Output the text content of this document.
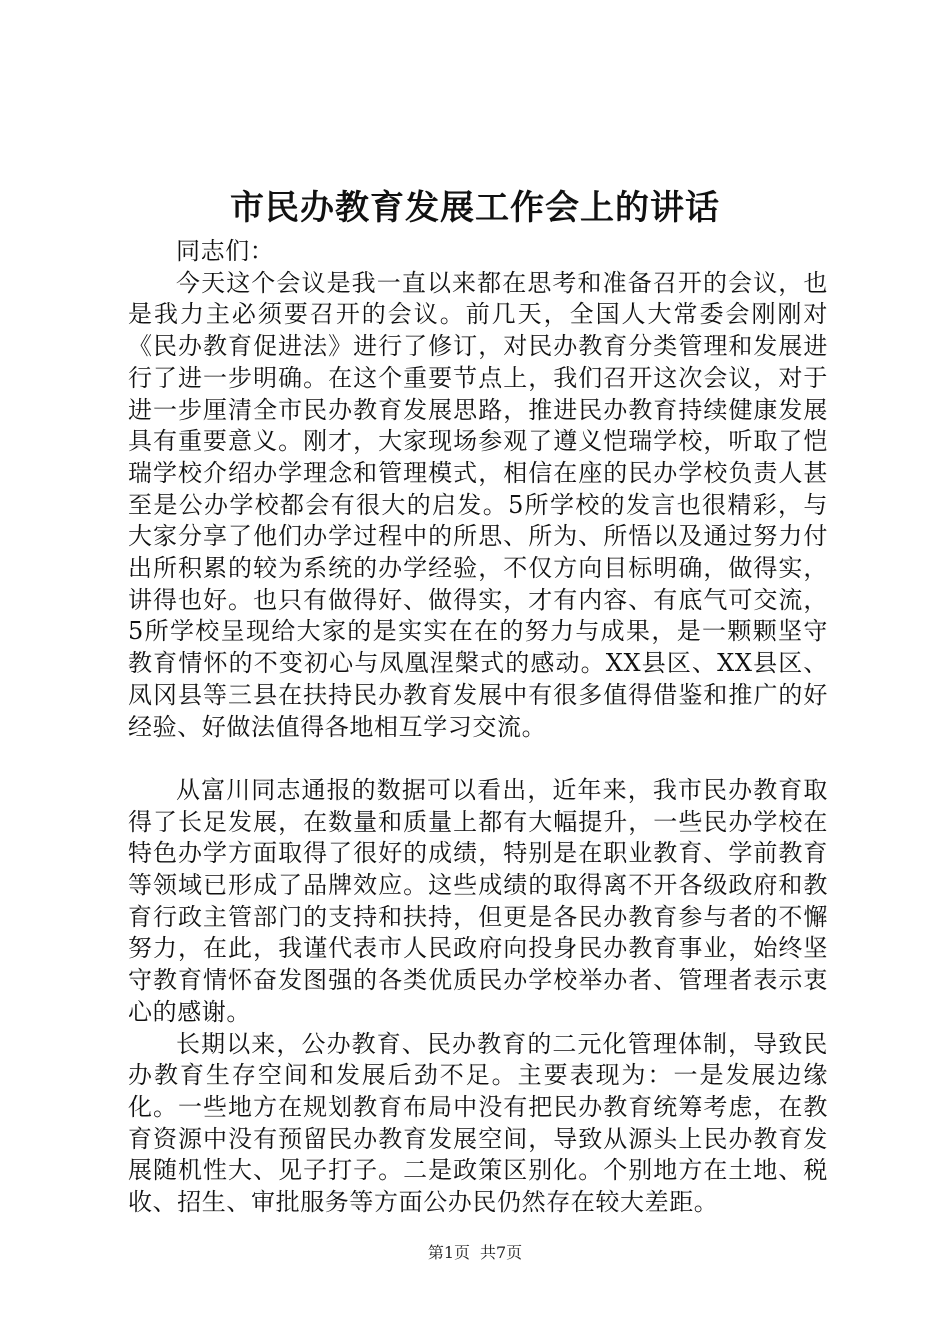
市民办教育发展工作会上的讲话

同志们：

今天这个会议是我一直以来都在思考和准备召开的会议，也是我力主必须要召开的会议。前几天，全国人大常委会刚刚对《民办教育促进法》进行了修订，对民办教育分类管理和发展进行了进一步明确。在这个重要节点上，我们召开这次会议，对于进一步厘清全市民办教育发展思路，推进民办教育持续健康发展具有重要意义。刚才，大家现场参观了遵义恺瑞学校，听取了恺瑞学校介绍办学理念和管理模式，相信在座的民办学校负责人甚至是公办学校都会有很大的启发。5所学校的发言也很精彩，与大家分享了他们办学过程中的所思、所为、所悟以及通过努力付出所积累的较为系统的办学经验，不仅方向目标明确，做得实，讲得也好。也只有做得好、做得实，才有内容、有底气可交流，5所学校呈现给大家的是实实在在的努力与成果，是一颗颗坚守教育情怀的不变初心与凤凰涅槃式的感动。XX县区、XX县区、凤冈县等三县在扶持民办教育发展中有很多值得借鉴和推广的好经验、好做法值得各地相互学习交流。

从富川同志通报的数据可以看出，近年来，我市民办教育取得了长足发展，在数量和质量上都有大幅提升，一些民办学校在特色办学方面取得了很好的成绩，特别是在职业教育、学前教育等领域已形成了品牌效应。这些成绩的取得离不开各级政府和教育行政主管部门的支持和扶持，但更是各民办教育参与者的不懈努力，在此，我谨代表市人民政府向投身民办教育事业，始终坚守教育情怀奋发图强的各类优质民办学校举办者、管理者表示衷心的感谢。

长期以来，公办教育、民办教育的二元化管理体制，导致民办教育生存空间和发展后劲不足。主要表现为：一是发展边缘化。一些地方在规划教育布局中没有把民办教育统筹考虑，在教育资源中没有预留民办教育发展空间，导致从源头上民办教育发展随机性大、见子打子。二是政策区别化。个别地方在土地、税收、招生、审批服务等方面公办民仍然存在较大差距。

第1页 共7页
